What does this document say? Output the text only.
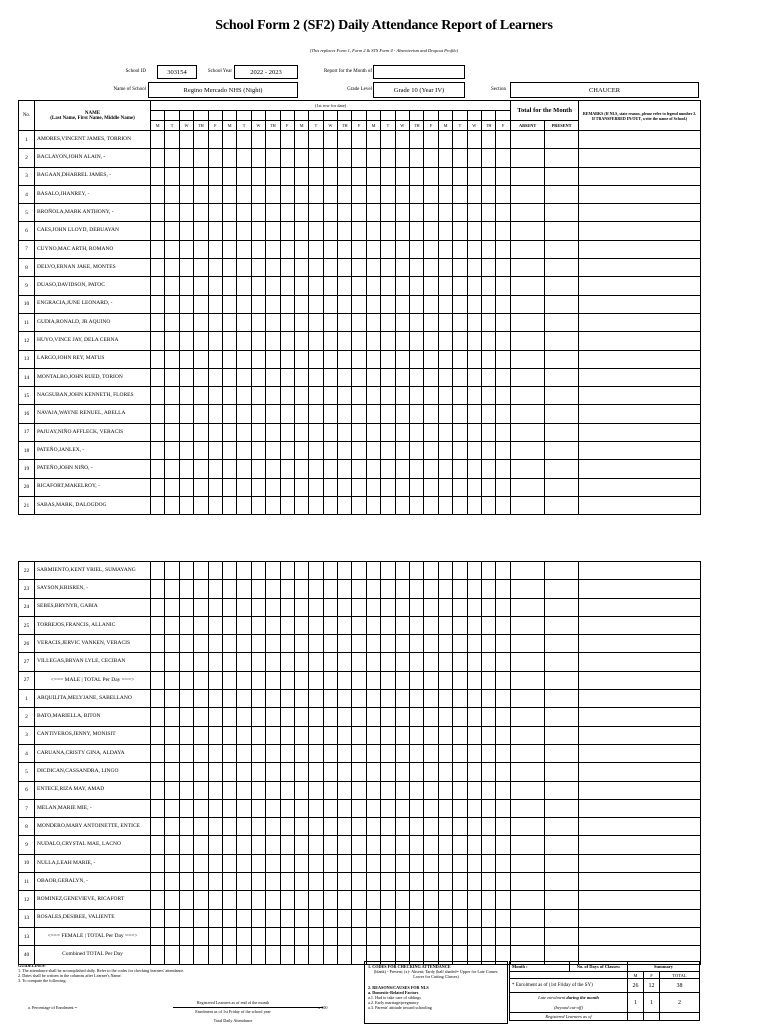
School Form 2 (SF2) Daily Attendance Report of Learners
(This replaces Form 1, Form 2 & STS Form 4 - Absenteeism and Dropout Profile)
School ID	303154	School Year	2022 - 2023	Report for the Month of
Name of School	Regino Mercado NHS (Night)	Grade Level	Grade 10 (Year IV)	Section	CHAUCER
No.	NAME
(Last Name, First Name, Middle Name)	(1st row for date)																									Total for the Month		REMARKS (If NLS, state reason, please refer to legend number 2. If TRANSFERRED IN/OUT, write the name of School.)

		M	T	W	TH	F	M	T	W	TH	F	M	T	W	TH	F	M	T	W	TH	F	M	T	W	TH	F	ABSENT	PRESENT	
1	AMORES,VINCENT JAMES, TORRION																												
2	BACLAYON,JOHN ALAIN, -																												
3	BAGAAN,DHARREL JAMES, -																												
4	BASALO,JHANREY, -																												
5	BROÑOLA,MARK ANTHONY, -																												
6	CAES,JOHN LLOYD, DEBUAYAN																												
7	CUYNO,MAC ARTH, ROMANO																												
8	DELVO,ERNAN JAKE, MONTES																												
9	DUASO,DAVIDSON, PATOC																												
10	ENGRACIA,JUNE LEONARD, -																												
11	GUDIA,RONALD, JR AQUINO																												
12	HUYO,VINCE JAY, DELA CERNA																												
13	LARGO,JOHN REY, MATUS																												
14	MONTALBO,JOHN RUED, TORION																												
15	NAGSUBAN,JOHN KENNETH, FLORES																												
16	NAVAJA,WAYNE RENUEL, ABELLA																												
17	PAJUAY,NIÑO AFFLECK, VERACIS																												
18	PATEÑO,JANLEX, -																												
19	PATEÑO,JOHN NIÑO, -																												
20	RICAFORT,MAKELROY, -																												
21	SABAS,MARK, DALOGDOG																												
22	SARMIENTO,KENT YRIEL, SUMAYANG																												
23	SAYSON,KRISREN, -																												
24	SEBES,BRYNYR, GABIA																												
25	TORREJOS,FRANCIS, ALLANIC																												
26	VERACIS,JERVIC VANKEN, VERACIS																												
27	VILLEGAS,BRYAN LYLE, CECIBAN																												
27	<=== MALE | TOTAL Per Day ===>																												
1	ARQUILITA,MELYJANE, SABELLANO																												
2	BATO,MARIELLA, BITON																												
3	CANTIVEROS,JENNY, MONISIT																												
4	CARUANA,CRISTY GINA, ALDAYA																												
5	DICDICAN,CASSANDRA, LINGO																												
6	ENTECE,RIZA MAY, AMAD																												
7	MELAN,MARIE MIE, -																												
8	MONDERO,MARY ANTOINETTE, ENTICE																												
9	NUDALO,CRYSTAL MAE, LACNO																												
10	NULLA,LEAH MARIE, -																												
11	OBAOB,GERALYN, -																												
12	ROMINEZ,GENEVIEVE, RICAFORT																												
13	ROSALES,DESIREE, VALIENTE																												
13	<=== FEMALE | TOTAL Per Day ===>																												
40	Combined TOTAL Per Day																												
GUIDELINES:
1. The attendance shall be accomplished daily. Refer to the codes for checking learners' attendance.
2. Dates shall be written in the columns after Learner's Name.
3. To compute the following:
a. Percentage of Enrolment =
Registered Learners as of end of the month
Enrolment as of 1st Friday of the school year
x 100
Total Daily Attendance
1. CODES FOR CHECKING ATTENDANCE
(blank) - Present; (x)- Absent; Tardy (half shaded= Upper for Late Comer, Lower for Cutting Classes)
2. REASONS/CAUSES FOR NLS
a. Domestic-Related Factors
a.1. Had to take care of siblings
a.2. Early marriage/pregnancy
a.3. Parents' attitude toward schooling
Month :	No. of Days of Classes:	Summary		
		M	F	TOTAL
* Enrolment as of (1st Friday of the SY)		26	12	38
Late enrolment during the month

(beyond cut-off)		1	1	2
Registered Learners as of				
